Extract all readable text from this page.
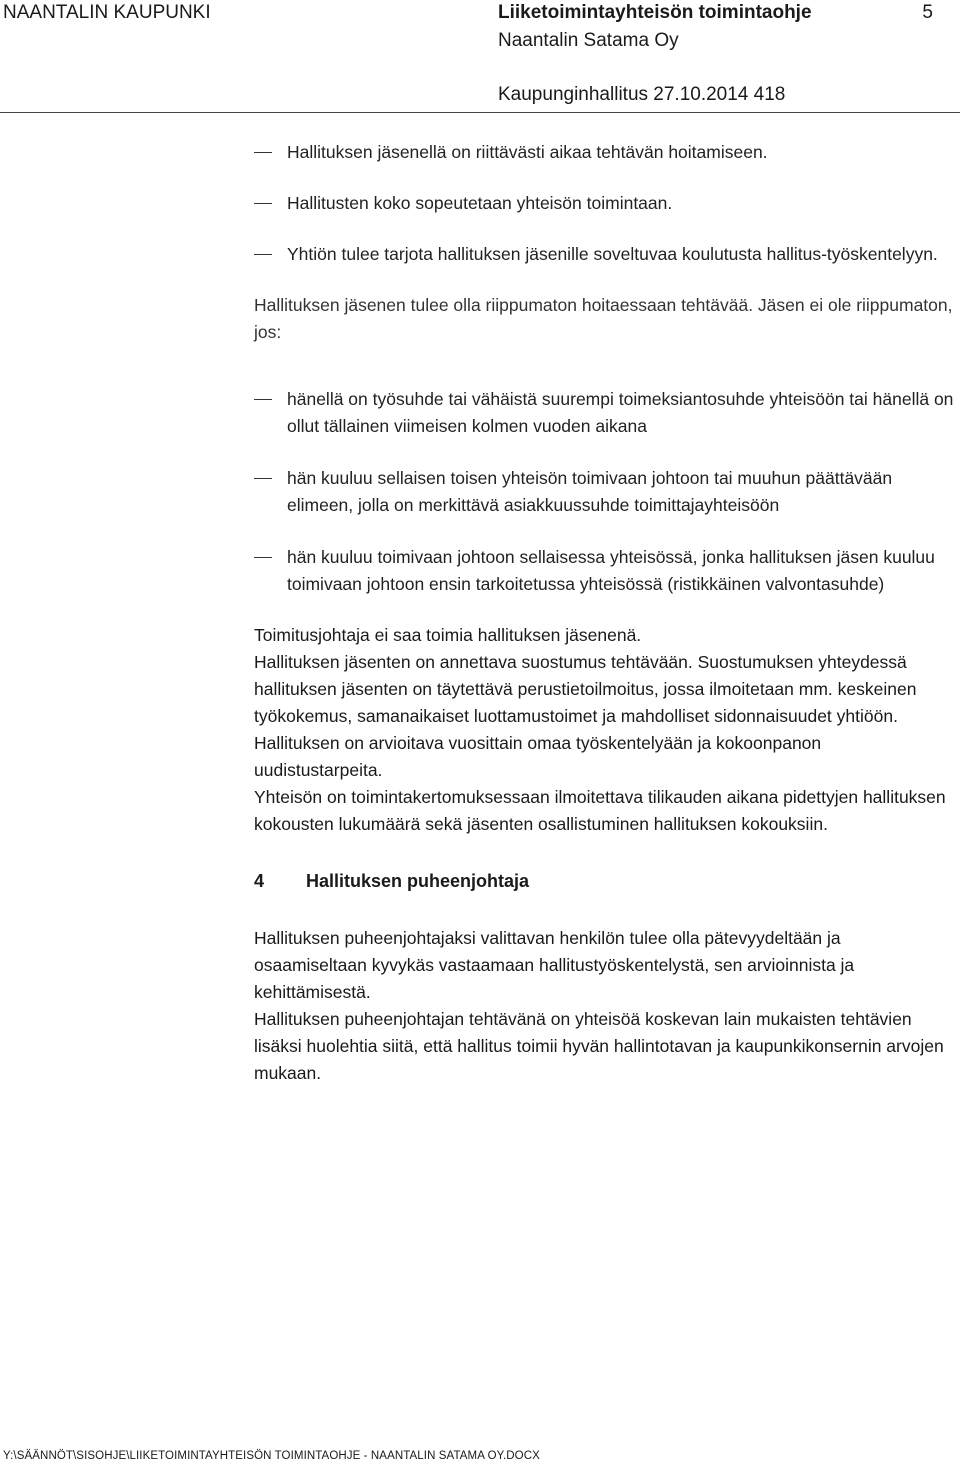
NAANTALIN KAUPUNKI	Liiketoimintayhteisön toimintaohje
Naantalin Satama Oy
5
Kaupunginhallitus 27.10.2014 418
Hallituksen jäsenellä on riittävästi aikaa tehtävän hoitamiseen.
Hallitusten koko sopeutetaan yhteisön toimintaan.
Yhtiön tulee tarjota hallituksen jäsenille soveltuvaa koulutusta hallitus-työskentelyyn.

Hallituksen jäsenen tulee olla riippumaton hoitaessaan tehtävää. Jäsen ei ole riippumaton, jos:

hänellä on työsuhde tai vähäistä suurempi toimeksiantosuhde yhteisöön tai hänellä on ollut tällainen viimeisen kolmen vuoden aikana
hän kuuluu sellaisen toisen yhteisön toimivaan johtoon tai muuhun päättävään elimeen, jolla on merkittävä asiakkuussuhde toimittajayhteisöön
hän kuuluu toimivaan johtoon sellaisessa yhteisössä, jonka hallituksen jäsen kuuluu toimivaan johtoon ensin tarkoitetussa yhteisössä (ristikkäinen valvontasuhde)

Toimitusjohtaja ei saa toimia hallituksen jäsenenä.

Hallituksen jäsenten on annettava suostumus tehtävään. Suostumuksen yhteydessä hallituksen jäsenten on täytettävä perustietoilmoitus, jossa ilmoitetaan mm. keskeinen työkokemus, samanaikaiset luottamustoimet ja mahdolliset sidonnaisuudet yhtiöön.

Hallituksen on arvioitava vuosittain omaa työskentelyään ja kokoonpanon uudistustarpeita.

Yhteisön on toimintakertomuksessaan ilmoitettava tilikauden aikana pidettyjen hallituksen kokousten lukumäärä sekä jäsenten osallistuminen hallituksen kokouksiin.

4 Hallituksen puheenjohtaja

Hallituksen puheenjohtajaksi valittavan henkilön tulee olla pätevyydeltään ja osaamiseltaan kyvykäs vastaamaan hallitustyöskentelystä, sen arvioinnista ja kehittämisestä.

Hallituksen puheenjohtajan tehtävänä on yhteisöä koskevan lain mukaisten tehtävien lisäksi huolehtia siitä, että hallitus toimii hyvän hallintotavan ja kaupunkikonsernin arvojen mukaan.

Y:\SÄÄNNÖT\SISOHJE\LIIKETOIMINTAYHTEISÖN TOIMINTAOHJE - NAANTALIN SATAMA OY.DOCX
